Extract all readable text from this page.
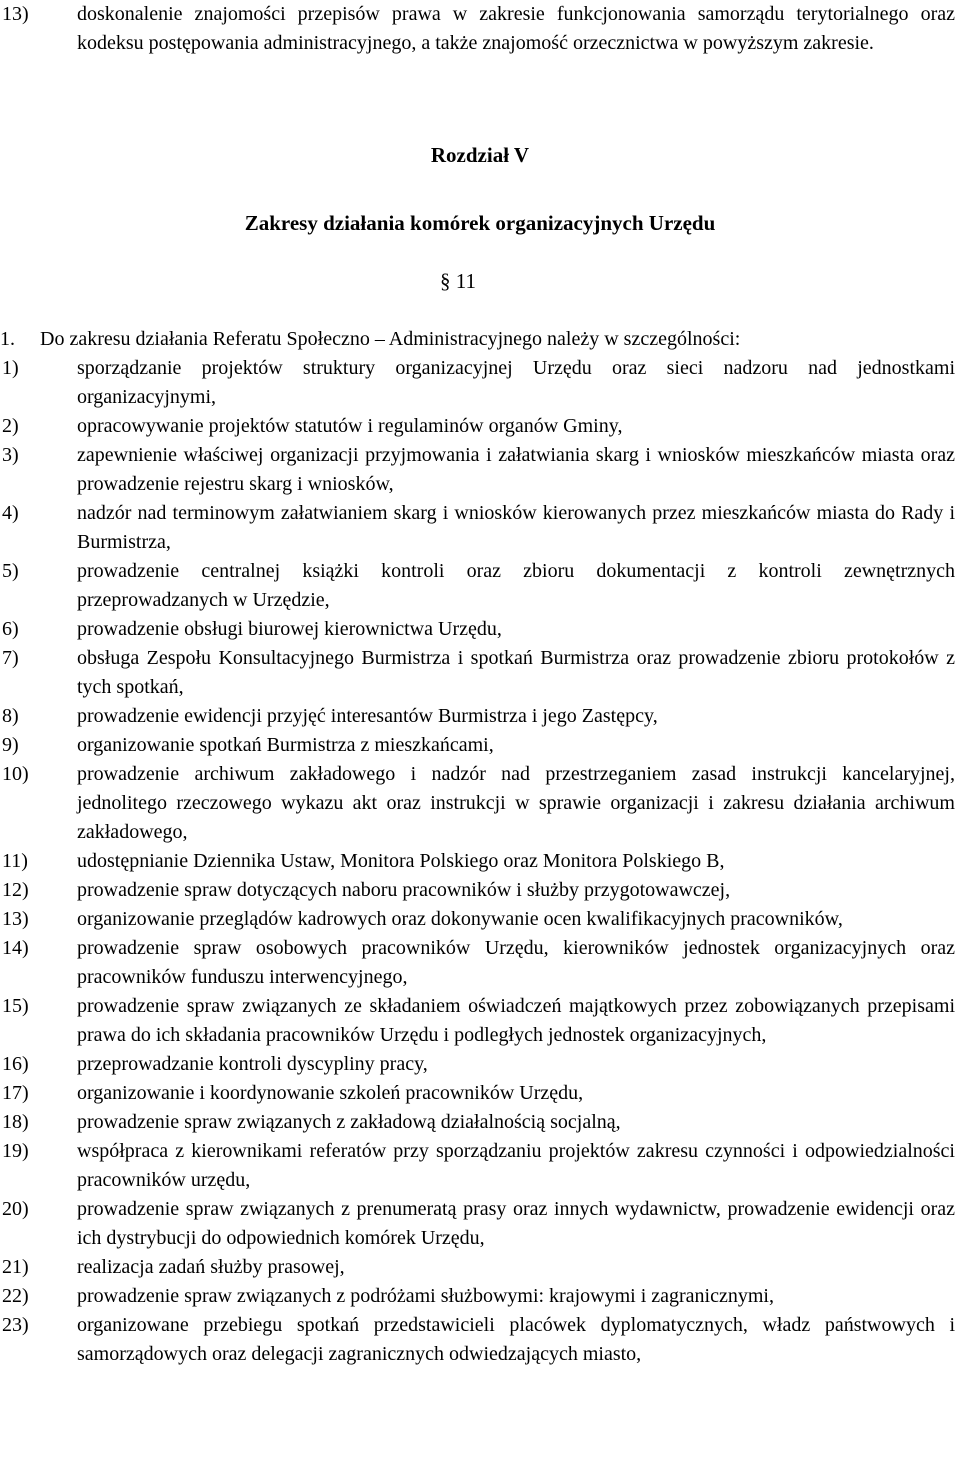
13)	doskonalenie znajomości przepisów prawa w zakresie funkcjonowania samorządu terytorialnego oraz kodeksu postępowania administracyjnego, a także znajomość orzecznictwa w powyższym zakresie.
Rozdział V
Zakresy działania komórek organizacyjnych Urzędu
§ 11
1.	Do zakresu działania Referatu Społeczno – Administracyjnego należy w szczególności:
1)	sporządzanie projektów struktury organizacyjnej Urzędu oraz sieci nadzoru nad jednostkami organizacyjnymi,
2)	opracowywanie projektów statutów i regulaminów organów Gminy,
3)	zapewnienie właściwej organizacji przyjmowania i załatwiania skarg i wniosków mieszkańców miasta oraz prowadzenie rejestru skarg i wniosków,
4)	nadzór nad terminowym załatwianiem skarg i wniosków kierowanych przez mieszkańców miasta do Rady i Burmistrza,
5)	prowadzenie centralnej książki kontroli oraz zbioru dokumentacji z kontroli zewnętrznych przeprowadzanych w Urzędzie,
6)	prowadzenie obsługi biurowej kierownictwa Urzędu,
7)	obsługa Zespołu Konsultacyjnego Burmistrza i spotkań Burmistrza oraz prowadzenie zbioru protokołów z tych spotkań,
8)	prowadzenie ewidencji przyjęć interesantów Burmistrza i jego Zastępcy,
9)	organizowanie spotkań Burmistrza z mieszkańcami,
10)	prowadzenie archiwum zakładowego i nadzór nad przestrzeganiem zasad instrukcji kancelaryjnej, jednolitego rzeczowego wykazu akt oraz instrukcji w sprawie organizacji i zakresu działania archiwum zakładowego,
11)	udostępnianie Dziennika Ustaw, Monitora Polskiego oraz Monitora Polskiego B,
12)	prowadzenie spraw dotyczących naboru pracowników i służby przygotowawczej,
13)	organizowanie przeglądów kadrowych oraz dokonywanie ocen kwalifikacyjnych pracowników,
14)	prowadzenie spraw osobowych pracowników Urzędu, kierowników jednostek organizacyjnych oraz pracowników funduszu interwencyjnego,
15)	prowadzenie spraw związanych ze składaniem oświadczeń majątkowych przez zobowiązanych przepisami prawa do ich składania pracowników Urzędu i podległych jednostek organizacyjnych,
16)	przeprowadzanie kontroli dyscypliny pracy,
17)	organizowanie i koordynowanie szkoleń pracowników Urzędu,
18)	prowadzenie spraw związanych z zakładową działalnością socjalną,
19)	współpraca z kierownikami referatów przy sporządzaniu projektów zakresu czynności i odpowiedzialności pracowników urzędu,
20)	prowadzenie spraw związanych z prenumeratą prasy oraz innych wydawnictw, prowadzenie ewidencji oraz ich dystrybucji do odpowiednich komórek Urzędu,
21)	realizacja zadań służby prasowej,
22)	prowadzenie spraw związanych z podróżami służbowymi: krajowymi i zagranicznymi,
23)	organizowane przebiegu spotkań przedstawicieli placówek dyplomatycznych, władz państwowych i samorządowych oraz delegacji zagranicznych odwiedzających miasto,
